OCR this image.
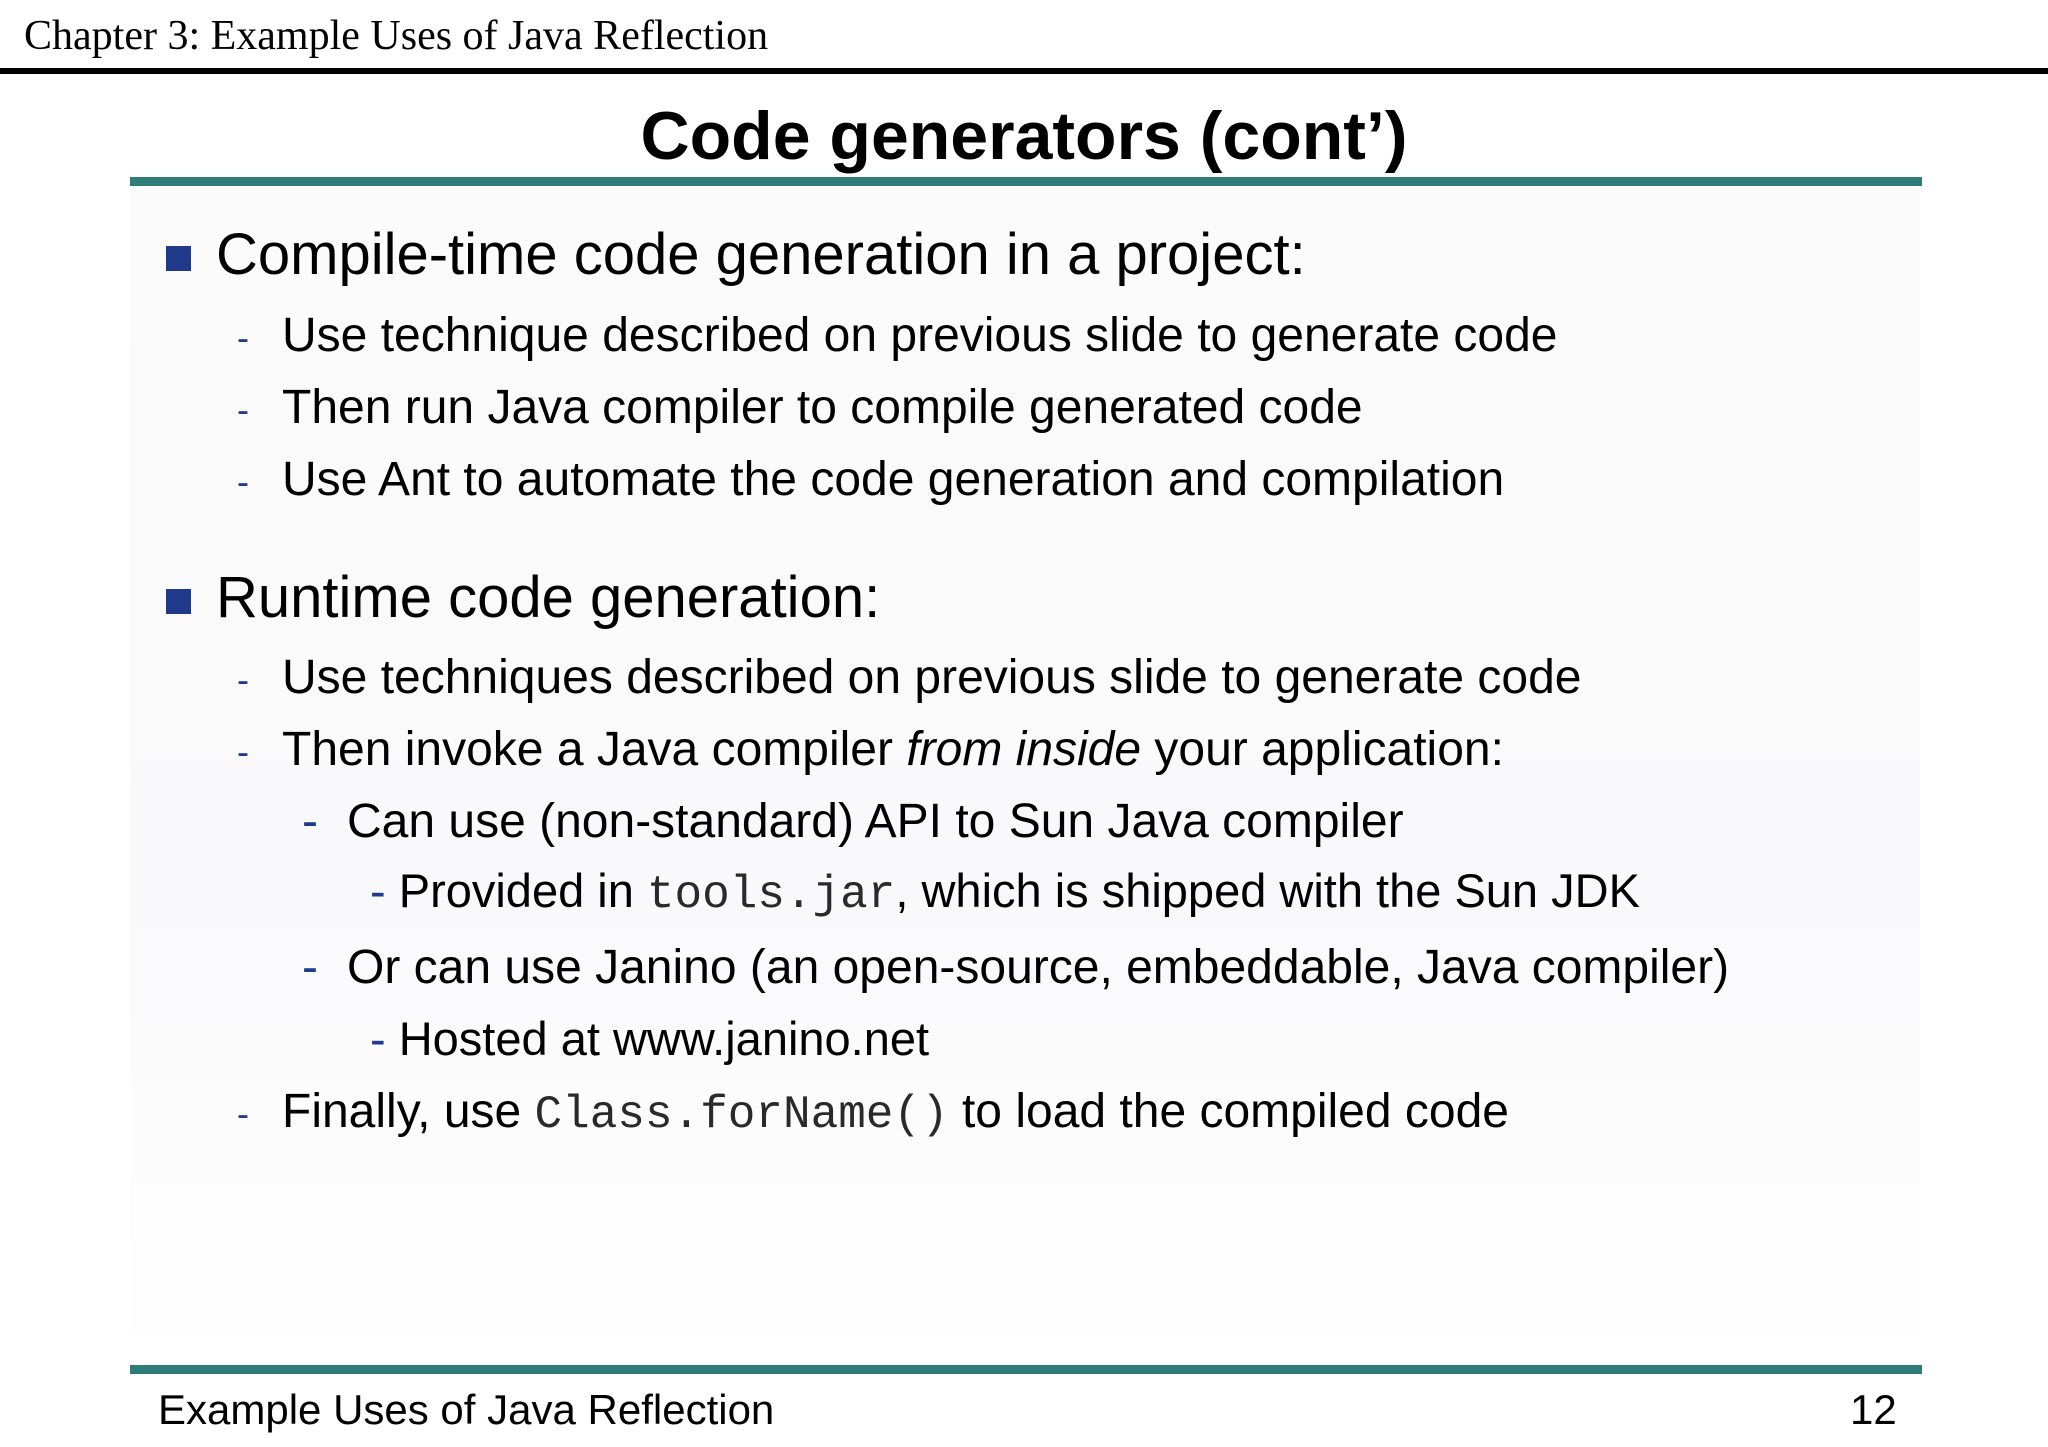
Chapter 3: Example Uses of Java Reflection
Code generators (cont’)
Compile-time code generation in a project:
- Use technique described on previous slide to generate code
- Then run Java compiler to compile generated code
- Use Ant to automate the code generation and compilation
Runtime code generation:
- Use techniques described on previous slide to generate code
- Then invoke a Java compiler from inside your application:
- Can use (non-standard) API to Sun Java compiler
- Provided in tools.jar, which is shipped with the Sun JDK
- Or can use Janino (an open-source, embeddable, Java compiler)
- Hosted at www.janino.net
- Finally, use Class.forName() to load the compiled code
Example Uses of Java Reflection	12
